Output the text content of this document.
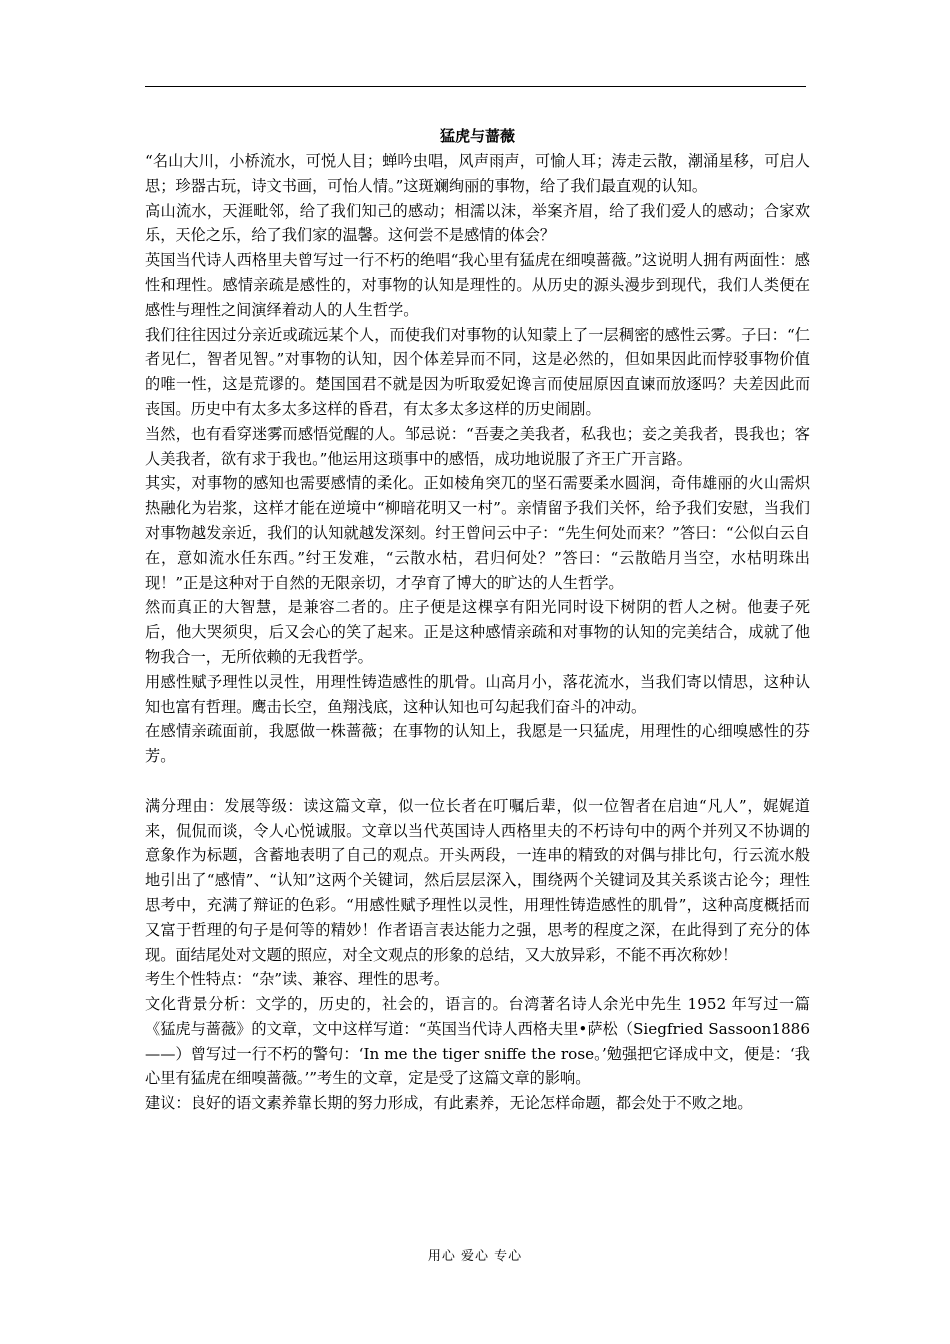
猛虎与蔷薇

“名山大川，小桥流水，可悦人目；蝉吟虫唱，风声雨声，可愉人耳；涛走云散，潮涌星移，可启人思；珍器古玩，诗文书画，可怡人情。”这斑斓绚丽的事物，给了我们最直观的认知。

高山流水，天涯毗邻，给了我们知己的感动；相濡以沫，举案齐眉，给了我们爱人的感动；合家欢乐，天伦之乐，给了我们家的温馨。这何尝不是感情的体会？

英国当代诗人西格里夫曾写过一行不朽的绝唱“我心里有猛虎在细嗅蔷薇。”这说明人拥有两面性：感性和理性。感情亲疏是感性的，对事物的认知是理性的。从历史的源头漫步到现代，我们人类便在感性与理性之间演绎着动人的人生哲学。

我们往往因过分亲近或疏远某个人，而使我们对事物的认知蒙上了一层稠密的感性云雾。子曰：“仁者见仁，智者见智。”对事物的认知，因个体差异而不同，这是必然的，但如果因此而悖驳事物价值的唯一性，这是荒谬的。楚国国君不就是因为听取爱妃谗言而使屈原因直谏而放逐吗？夫差因此而丧国。历史中有太多太多这样的昏君，有太多太多这样的历史闹剧。

当然，也有看穿迷雾而感悟觉醒的人。邹忌说：“吾妻之美我者，私我也；妾之美我者，畏我也；客人美我者，欲有求于我也。”他运用这琐事中的感悟，成功地说服了齐王广开言路。

其实，对事物的感知也需要感情的柔化。正如棱角突兀的坚石需要柔水圆润，奇伟雄丽的火山需炽热融化为岩浆，这样才能在逆境中“柳暗花明又一村”。亲情留予我们关怀，给予我们安慰，当我们对事物越发亲近，我们的认知就越发深刻。纣王曾问云中子：“先生何处而来？”答曰：“公似白云自在，意如流水任东西。”纣王发难，“云散水枯，君归何处？”答曰：“云散皓月当空，水枯明珠出现！”正是这种对于自然的无限亲切，才孕育了博大的旷达的人生哲学。

然而真正的大智慧，是兼容二者的。庄子便是这棵享有阳光同时设下树阴的哲人之树。他妻子死后，他大哭须臾，后又会心的笑了起来。正是这种感情亲疏和对事物的认知的完美结合，成就了他物我合一，无所依赖的无我哲学。

用感性赋予理性以灵性，用理性铸造感性的肌骨。山高月小，落花流水，当我们寄以情思，这种认知也富有哲理。鹰击长空，鱼翔浅底，这种认知也可勾起我们奋斗的冲动。

在感情亲疏面前，我愿做一株蔷薇；在事物的认知上，我愿是一只猛虎，用理性的心细嗅感性的芬芳。

满分理由：发展等级：读这篇文章，似一位长者在叮嘱后辈，似一位智者在启迪“凡人”，娓娓道来，侃侃而谈，令人心悦诚服。文章以当代英国诗人西格里夫的不朽诗句中的两个并列又不协调的意象作为标题，含蓄地表明了自己的观点。开头两段，一连串的精致的对偶与排比句，行云流水般地引出了“感情”、“认知”这两个关键词，然后层层深入，围绕两个关键词及其关系谈古论今；理性思考中，充满了辩证的色彩。“用感性赋予理性以灵性，用理性铸造感性的肌骨”，这种高度概括而又富于哲理的句子是何等的精妙！作者语言表达能力之强，思考的程度之深，在此得到了充分的体现。面结尾处对文题的照应，对全文观点的形象的总结，又大放异彩，不能不再次称妙！

考生个性特点：“杂”读、兼容、理性的思考。

文化背景分析：文学的，历史的，社会的，语言的。台湾著名诗人余光中先生 1952 年写过一篇《猛虎与蔷薇》的文章，文中这样写道：“英国当代诗人西格夫里•萨松（Siegfried Sassoon1886——）曾写过一行不朽的警句：‘In me the tiger sniffe the rose。’勉强把它译成中文，便是：‘我心里有猛虎在细嗅蔷薇。’”考生的文章，定是受了这篇文章的影响。

建议：良好的语文素养靠长期的努力形成，有此素养，无论怎样命题，都会处于不败之地。

用心 爱心 专心
